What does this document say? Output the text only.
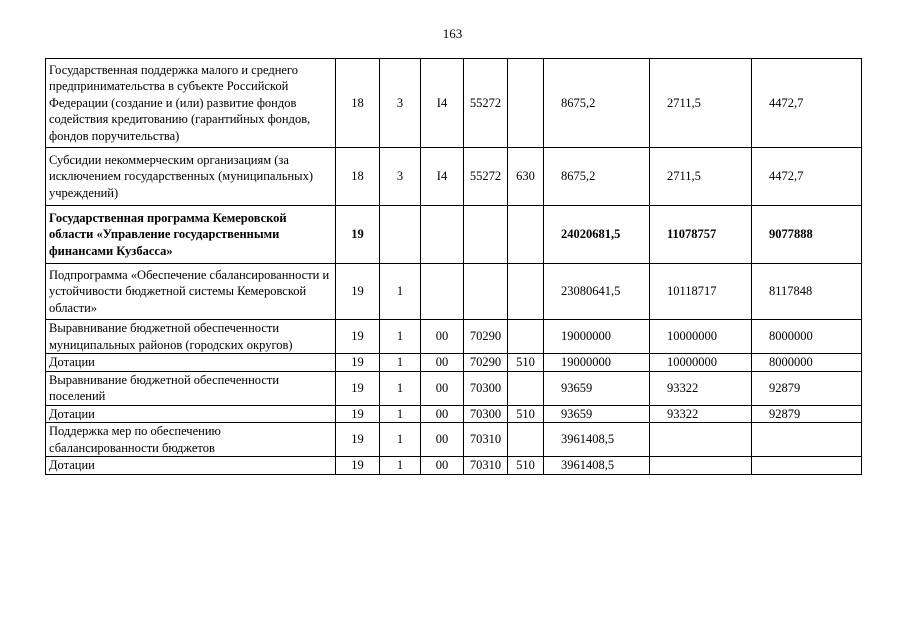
163
Государственная поддержка малого и среднего предпринимательства в субъекте Российской Федерации (создание и (или) развитие фондов содействия кредитованию (гарантийных фондов, фондов поручительства)	18	3	I4	55272		8675,2	2711,5	4472,7
Субсидии некоммерческим организациям (за исключением государственных (муниципальных) учреждений)	18	3	I4	55272	630	8675,2	2711,5	4472,7
Государственная программа Кемеровской области «Управление государственными финансами Кузбасса»	19					24020681,5	11078757	9077888
Подпрограмма «Обеспечение сбалансированности и устойчивости бюджетной системы Кемеровской области»	19	1				23080641,5	10118717	8117848
Выравнивание бюджетной обеспеченности муниципальных районов (городских округов)	19	1	00	70290		19000000	10000000	8000000
Дотации	19	1	00	70290	510	19000000	10000000	8000000
Выравнивание бюджетной обеспеченности поселений	19	1	00	70300		93659	93322	92879
Дотации	19	1	00	70300	510	93659	93322	92879
Поддержка мер по обеспечению сбалансированности бюджетов	19	1	00	70310		3961408,5		
Дотации	19	1	00	70310	510	3961408,5		
